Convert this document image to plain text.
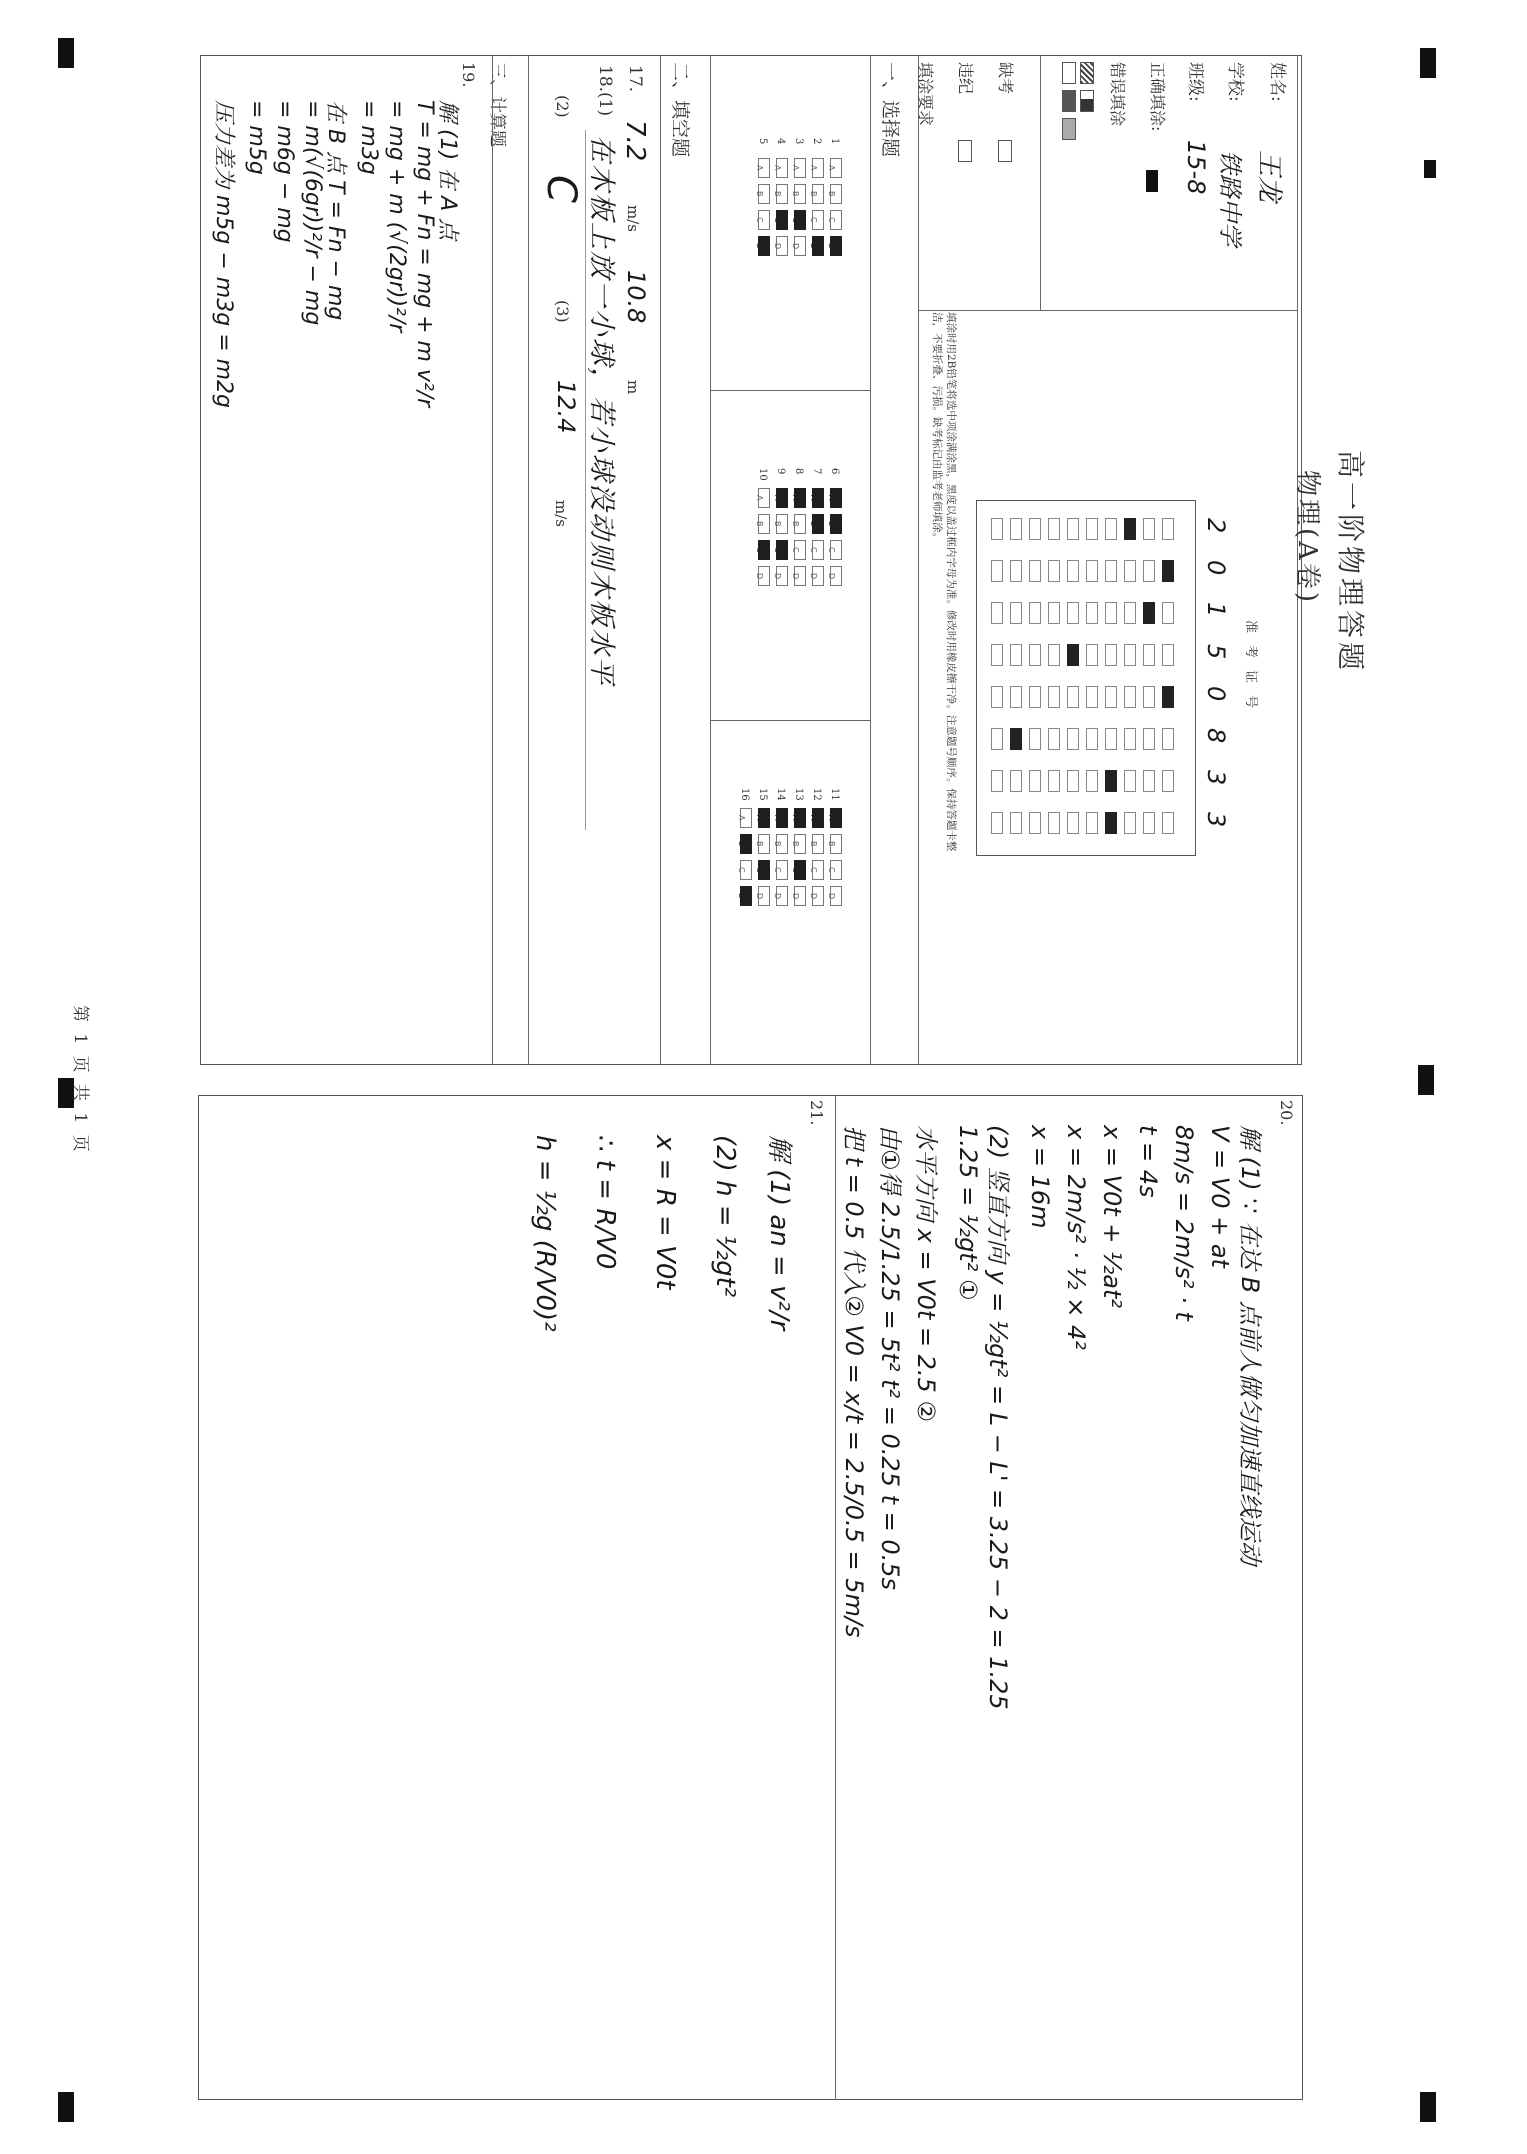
第 1 页 共 1 页
高一阶物理答题
物理(A卷)
姓名:
王龙
学校:
铁路中学
班级:
15-8
正确填涂:
错误填涂
缺考
违纪
填涂要求
填涂时用2B铅笔将选中项涂满涂黑，黑度以盖过框内字母为准。修改时用橡皮擦干净。注意题号顺序。保持答题卡整洁，不要折叠、污损。缺考标记由监考老师填涂。
准考证号
2
0
1
5
0
8
3
3
一、选择题
1
A
B
C
D
2
A
B
C
D
3
A
B
C
D
4
A
B
C
D
5
A
B
C
D
6
A
B
C
D
7
A
B
C
D
8
A
B
C
D
9
A
B
C
D
10
A
B
C
D
11
A
B
C
D
12
A
B
C
D
13
A
B
C
D
14
A
B
C
D
15
A
B
C
D
16
A
B
C
D
二、填空题
17.
7.2
m/s
10.8
m
18.(1)
在木板上放一小球，若小球没动则木板水平
(2)
C
(3)
12.4
m/s
三、计算题
19.
解 (1) 在 A 点
T = mg + Fn = mg + m v²/r
= mg + m (√(2gr))²/r
= m3g
在 B 点 T = Fn − mg
= m(√(6gr))²/r − mg
= m6g − mg
= m5g
压力差为 m5g − m3g = m2g
20.
解 (1) ∵ 在达 B 点前人做匀加速直线运动
V = V0 + at
8m/s = 2m/s² · t
t = 4s
x = V0t + ½at²
x = 2m/s² · ½ × 4²
x = 16m
(2) 竖直方向 y = ½gt² = L − L' = 3.25 − 2 = 1.25
1.25 = ½gt² ①
水平方向 x = V0t = 2.5 ②
由①得 2.5/1.25 = 5t² t² = 0.25 t = 0.5s
把 t = 0.5 代入② V0 = x/t = 2.5/0.5 = 5m/s
21.
解 (1) an = v²/r
(2) h = ½gt²
x = R = V0t
∴ t = R/V0
h = ½g (R/V0)²
